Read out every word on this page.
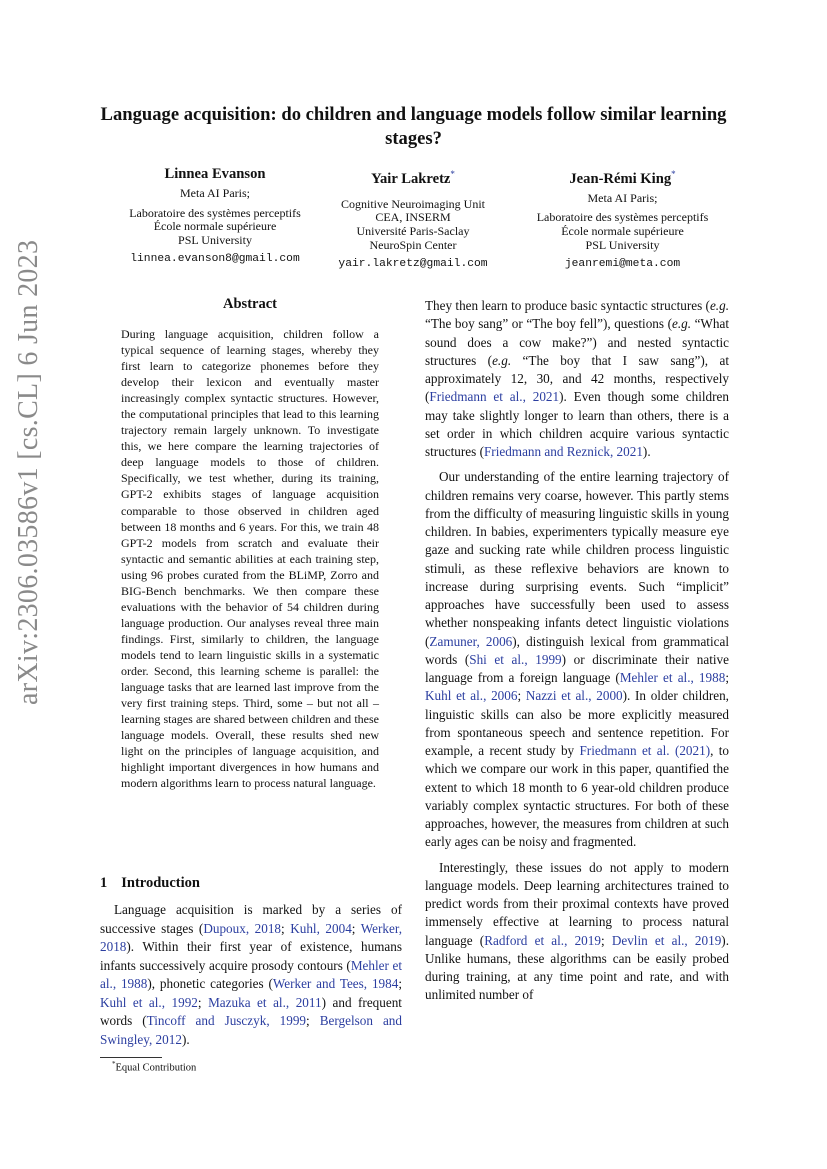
arXiv:2306.03586v1 [cs.CL] 6 Jun 2023
Language acquisition: do children and language models follow similar learning stages?
Linnea Evanson
Meta AI Paris;
Laboratoire des systèmes perceptifs
École normale supérieure
PSL University
linnea.evanson8@gmail.com
Yair Lakretz*
Cognitive Neuroimaging Unit
CEA, INSERM
Université Paris-Saclay
NeuroSpin Center
yair.lakretz@gmail.com
Jean-Rémi King*
Meta AI Paris;
Laboratoire des systèmes perceptifs
École normale supérieure
PSL University
jeanremi@meta.com
Abstract
During language acquisition, children follow a typical sequence of learning stages, whereby they first learn to categorize phonemes before they develop their lexicon and eventually master increasingly complex syntactic structures. However, the computational principles that lead to this learning trajectory remain largely unknown. To investigate this, we here compare the learning trajectories of deep language models to those of children. Specifically, we test whether, during its training, GPT-2 exhibits stages of language acquisition comparable to those observed in children aged between 18 months and 6 years. For this, we train 48 GPT-2 models from scratch and evaluate their syntactic and semantic abilities at each training step, using 96 probes curated from the BLiMP, Zorro and BIG-Bench benchmarks. We then compare these evaluations with the behavior of 54 children during language production. Our analyses reveal three main findings. First, similarly to children, the language models tend to learn linguistic skills in a systematic order. Second, this learning scheme is parallel: the language tasks that are learned last improve from the very first training steps. Third, some – but not all – learning stages are shared between children and these language models. Overall, these results shed new light on the principles of language acquisition, and highlight important divergences in how humans and modern algorithms learn to process natural language.
1 Introduction

Language acquisition is marked by a series of successive stages (Dupoux, 2018; Kuhl, 2004; Werker, 2018). Within their first year of existence, humans infants successively acquire prosody contours (Mehler et al., 1988), phonetic categories (Werker and Tees, 1984; Kuhl et al., 1992; Mazuka et al., 2011) and frequent words (Tincoff and Jusczyk, 1999; Bergelson and Swingley, 2012).

*Equal Contribution

They then learn to produce basic syntactic structures (e.g. “The boy sang” or “The boy fell”), questions (e.g. “What sound does a cow make?”) and nested syntactic structures (e.g. “The boy that I saw sang”), at approximately 12, 30, and 42 months, respectively (Friedmann et al., 2021). Even though some children may take slightly longer to learn than others, there is a set order in which children acquire various syntactic structures (Friedmann and Reznick, 2021).

Our understanding of the entire learning trajectory of children remains very coarse, however. This partly stems from the difficulty of measuring linguistic skills in young children. In babies, experimenters typically measure eye gaze and sucking rate while children process linguistic stimuli, as these reflexive behaviors are known to increase during surprising events. Such “implicit” approaches have successfully been used to assess whether nonspeaking infants detect linguistic violations (Zamuner, 2006), distinguish lexical from grammatical words (Shi et al., 1999) or discriminate their native language from a foreign language (Mehler et al., 1988; Kuhl et al., 2006; Nazzi et al., 2000). In older children, linguistic skills can also be more explicitly measured from spontaneous speech and sentence repetition. For example, a recent study by Friedmann et al. (2021), to which we compare our work in this paper, quantified the extent to which 18 month to 6 year-old children produce variably complex syntactic structures. For both of these approaches, however, the measures from children at such early ages can be noisy and fragmented.

Interestingly, these issues do not apply to modern language models. Deep learning architectures trained to predict words from their proximal contexts have proved immensely effective at learning to process natural language (Radford et al., 2019; Devlin et al., 2019). Unlike humans, these algorithms can be easily probed during training, at any time point and rate, and with unlimited number of
